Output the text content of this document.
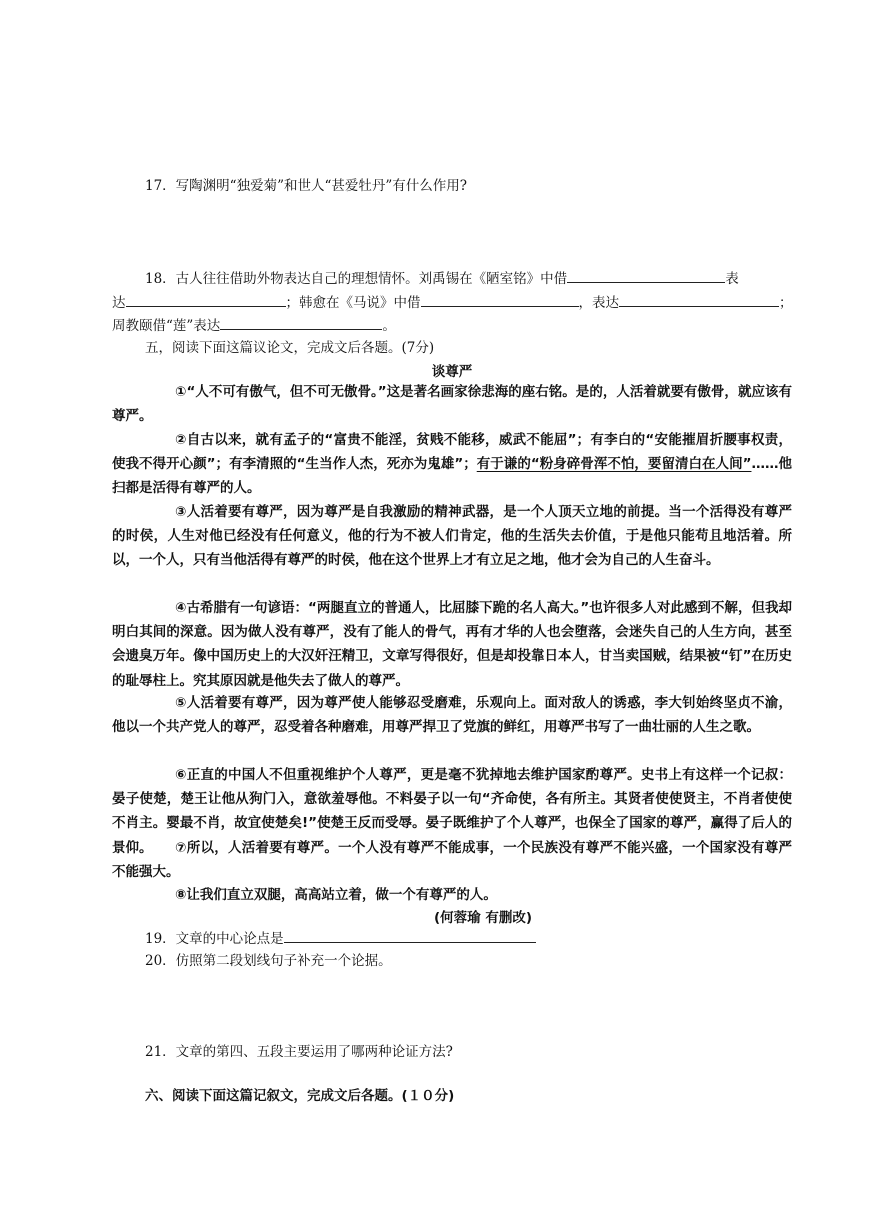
17．写陶渊明“独爱菊”和世人“甚爱牡丹”有什么作用?
18．古人往往借助外物表达自己的理想情怀。刘禹锡在《陋室铭》中借	表
达	；韩愈在《马说》中借	，表达	；
周教颐借“莲”表达	。
五，阅读下面这篇议论文，完成文后各题。(7分)
谈尊严
①“人不可有傲气，但不可无傲骨。”这是著名画家徐悲海的座右铭。是的，人活着就要有傲骨，就应该有尊严。
②自古以来，就有孟子的“富贵不能淫，贫贱不能移，威武不能屈”；有李白的“安能摧眉折腰事权责，使我不得开心颜”；有李清照的“生当作人杰，死亦为鬼雄”；有于谦的“粉身碎骨浑不怕，要留清白在人间”……他扫都是活得有尊严的人。
③人活着要有尊严，因为尊严是自我激励的精神武器，是一个人顶天立地的前提。当一个活得没有尊严的时侯，人生对他已经没有任何意义，他的行为不被人们肯定，他的生活失去价值，于是他只能苟且地活着。所以，一个人，只有当他活得有尊严的时侯，他在这个世界上才有立足之地，他才会为自己的人生奋斗。
④古希腊有一句谚语：“两腿直立的普通人，比屈膝下跪的名人高大。”也许很多人对此感到不解，但我却明白其间的深意。因为做人没有尊严，没有了能人的骨气，再有才华的人也会堕落，会迷失自己的人生方向，甚至会遗臭万年。像中国历史上的大汉奸汪精卫，文章写得很好，但是却投靠日本人，甘当卖国贼，结果被“钉”在历史的耻辱柱上。究其原因就是他失去了做人的尊严。
⑤人活着要有尊严，因为尊严使人能够忍受磨难，乐观向上。面对敌人的诱惑，李大钊始终坚贞不渝，他以一个共产党人的尊严，忍受着各种磨难，用尊严捍卫了党旗的鲜红，用尊严书写了一曲壮丽的人生之歌。
⑥正直的中国人不但重视维护个人尊严，更是毫不犹掉地去维护国家酌尊严。史书上有这样一个记叔：晏子使楚，楚王让他从狗门入，意欲羞辱他。不料晏子以一句“齐命使，各有所主。其贤者使使贤主，不肖者使使不肖主。婴最不肖，故宜使楚矣!”使楚王反而受辱。晏子既维护了个人尊严，也保全了国家的尊严，赢得了后人的景仰。	⑦所以，人活着要有尊严。一个人没有尊严不能成事，一个民族没有尊严不能兴盛，一个国家没有尊严不能强大。
⑧让我们直立双腿，高高站立着，做一个有尊严的人。
(何蓉瑜 有删改)
19．文章的中心论点是
20．仿照第二段划线句子补充一个论据。
21．文章的第四、五段主要运用了哪两种论证方法?
六、阅读下面这篇记叙文，完成文后各题。(１０分)
